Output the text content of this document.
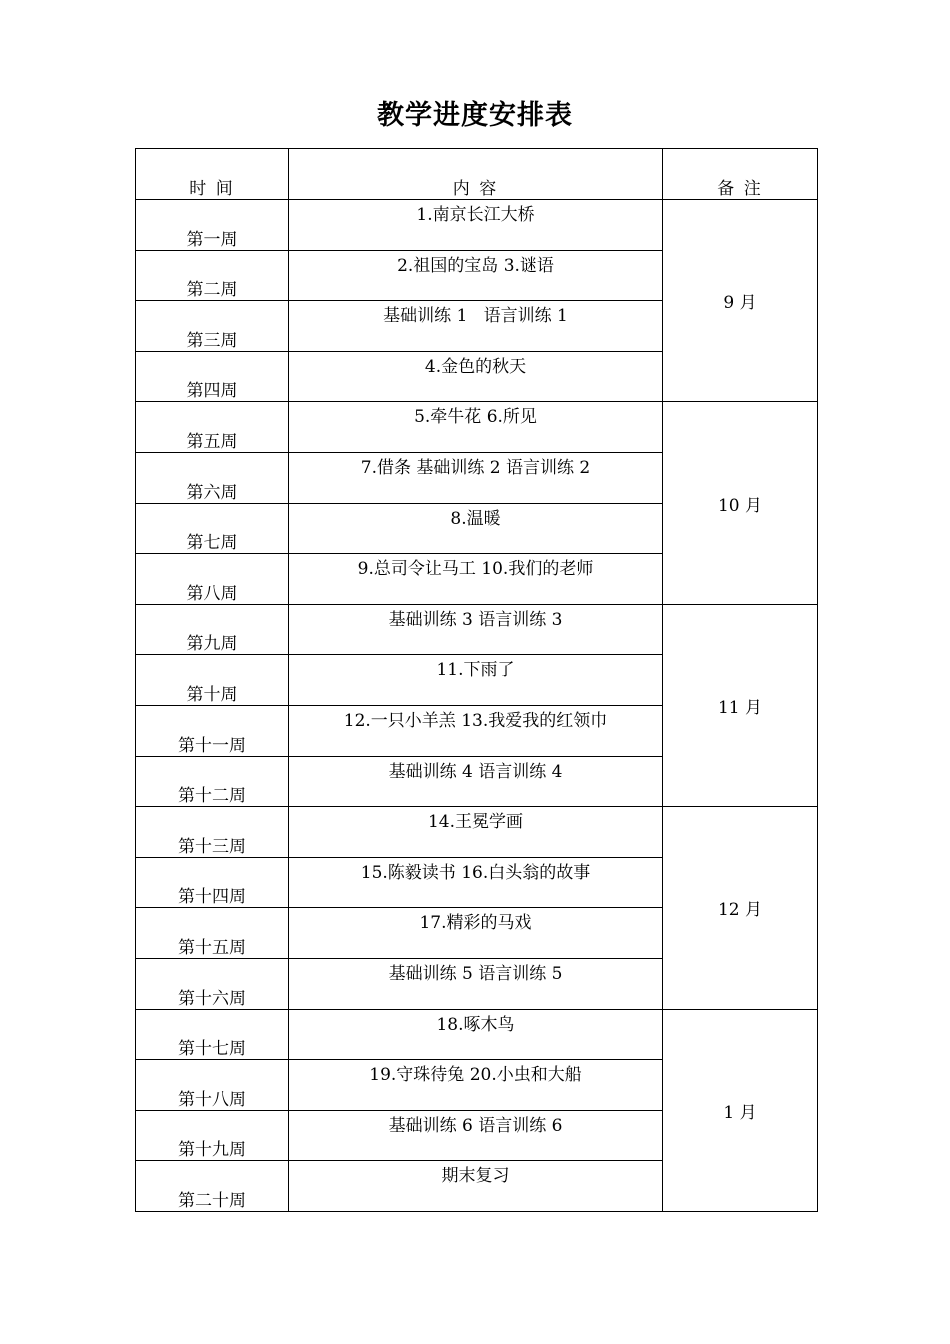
教学进度安排表
时 间	内 容	备 注
第一周	1.南京长江大桥	9 月
第二周	2.祖国的宝岛 3.谜语	
第三周	基础训练 1   语言训练 1	
第四周	4.金色的秋天	
第五周	5.牵牛花 6.所见	10 月
第六周	7.借条 基础训练 2 语言训练 2	
第七周	8.温暖	
第八周	9.总司令让马工 10.我们的老师	
第九周	基础训练 3 语言训练 3	11 月
第十周	11.下雨了	
第十一周	12.一只小羊羔 13.我爱我的红领巾	
第十二周	基础训练 4 语言训练 4	
第十三周	14.王冕学画	12 月
第十四周	15.陈毅读书 16.白头翁的故事	
第十五周	17.精彩的马戏	
第十六周	基础训练 5 语言训练 5	
第十七周	18.啄木鸟	1 月
第十八周	19.守珠待兔 20.小虫和大船	
第十九周	基础训练 6 语言训练 6	
第二十周	期末复习	
